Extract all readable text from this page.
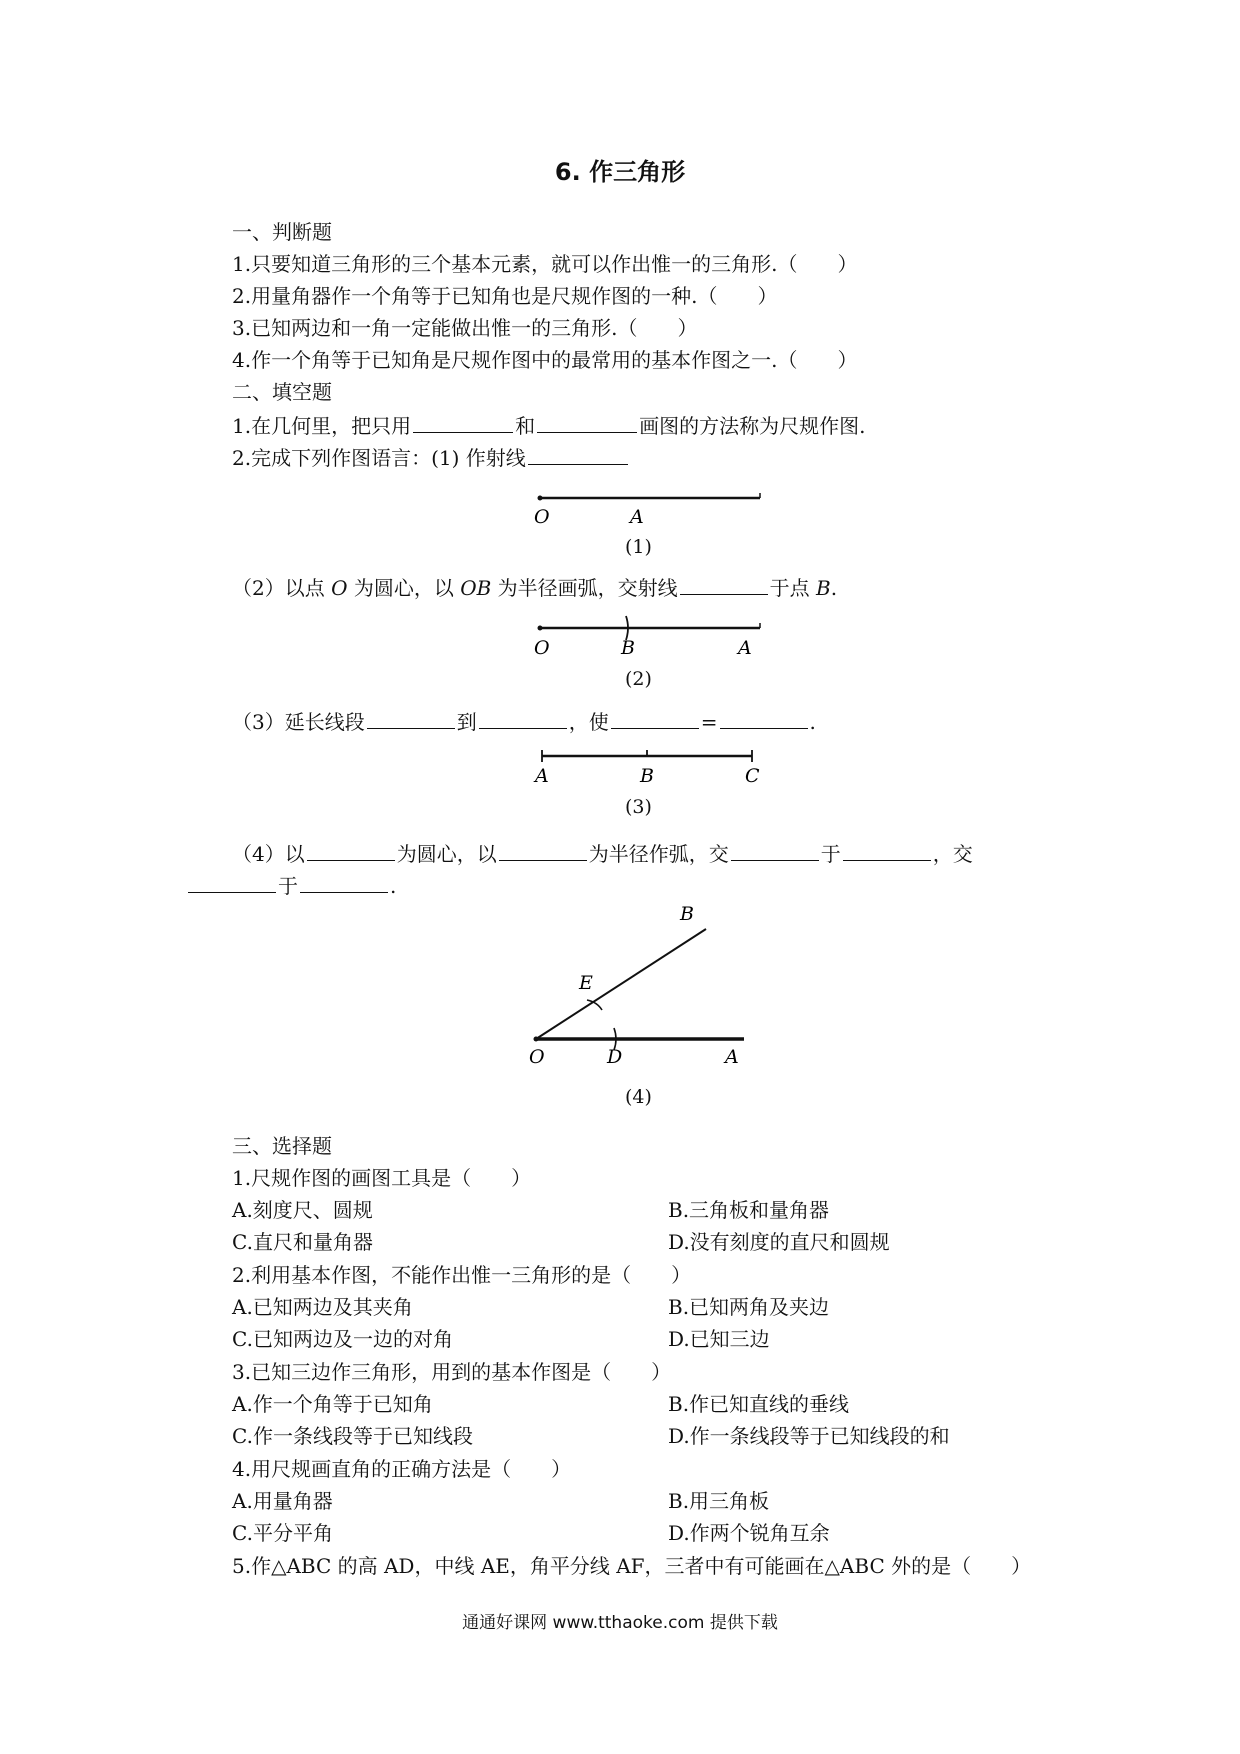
6. 作三角形
一、判断题
1.只要知道三角形的三个基本元素，就可以作出惟一的三角形.（　　）
2.用量角器作一个角等于已知角也是尺规作图的一种.（　　）
3.已知两边和一角一定能做出惟一的三角形.（　　）
4.作一个角等于已知角是尺规作图中的最常用的基本作图之一.（　　）
二、填空题
1.在几何里，把只用	和	画图的方法称为尺规作图.
2.完成下列作图语言：(1) 作射线
O	A
(1)
（2）以点 O 为圆心，以 OB 为半径画弧，交射线	于点 B.
O	B	A
(2)
（3）延长线段	到	，使	=	.
A	B	C
(3)
（4）以	为圆心，以	为半径作弧，交	于	，交
于	.
B
E
O	D	A
(4)
三、选择题
1.尺规作图的画图工具是（　　）
A.刻度尺、圆规	B.三角板和量角器
C.直尺和量角器	D.没有刻度的直尺和圆规
2.利用基本作图，不能作出惟一三角形的是（　　）
A.已知两边及其夹角	B.已知两角及夹边
C.已知两边及一边的对角	D.已知三边
3.已知三边作三角形，用到的基本作图是（　　）
A.作一个角等于已知角	B.作已知直线的垂线
C.作一条线段等于已知线段	D.作一条线段等于已知线段的和
4.用尺规画直角的正确方法是（　　）
A.用量角器	B.用三角板
C.平分平角	D.作两个锐角互余
5.作△ABC 的高 AD，中线 AE，角平分线 AF，三者中有可能画在△ABC 外的是（　　）
通通好课网 www.tthaoke.com 提供下载
